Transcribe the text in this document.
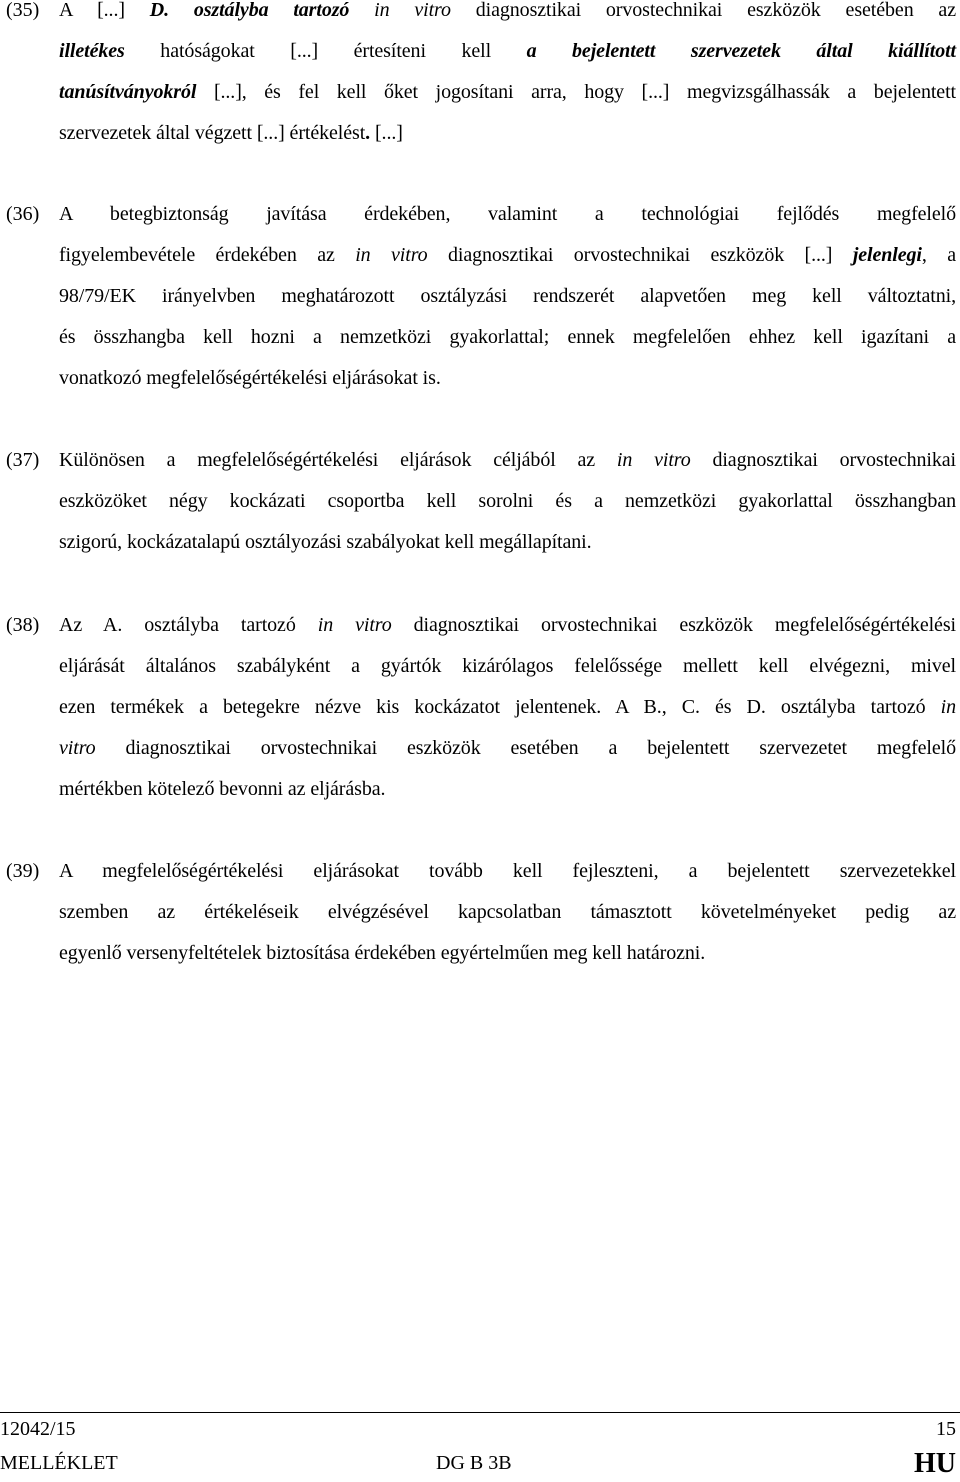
(35) A [...] D. osztályba tartozó in vitro diagnosztikai orvostechnikai eszközök esetében az
illetékes hatóságokat [...] értesíteni kell a bejelentett szervezetek által kiállított
tanúsítványokról [...], és fel kell őket jogosítani arra, hogy [...] megvizsgálhassák a bejelentett
szervezetek által végzett [...] értékelést. [...]
(36) A betegbiztonság javítása érdekében, valamint a technológiai fejlődés megfelelő
figyelembevétele érdekében az in vitro diagnosztikai orvostechnikai eszközök [...] jelenlegi, a
98/79/EK irányelvben meghatározott osztályzási rendszerét alapvetően meg kell változtatni,
és összhangba kell hozni a nemzetközi gyakorlattal; ennek megfelelően ehhez kell igazítani a
vonatkozó megfelelőségértékelési eljárásokat is.
(37) Különösen a megfelelőségértékelési eljárások céljából az in vitro diagnosztikai orvostechnikai
eszközöket négy kockázati csoportba kell sorolni és a nemzetközi gyakorlattal összhangban
szigorú, kockázatalapú osztályozási szabályokat kell megállapítani.
(38) Az A. osztályba tartozó in vitro diagnosztikai orvostechnikai eszközök megfelelőségértékelési
eljárását általános szabályként a gyártók kizárólagos felelőssége mellett kell elvégezni, mivel
ezen termékek a betegekre nézve kis kockázatot jelentenek. A B., C. és D. osztályba tartozó in
vitro diagnosztikai orvostechnikai eszközök esetében a bejelentett szervezetet megfelelő
mértékben kötelező bevonni az eljárásba.
(39) A megfelelőségértékelési eljárásokat tovább kell fejleszteni, a bejelentett szervezetekkel
szemben az értékeléseik elvégzésével kapcsolatban támasztott követelményeket pedig az
egyenlő versenyfeltételek biztosítása érdekében egyértelműen meg kell határozni.
12042/15	15
MELLÉKLET	DG B 3B	HU
